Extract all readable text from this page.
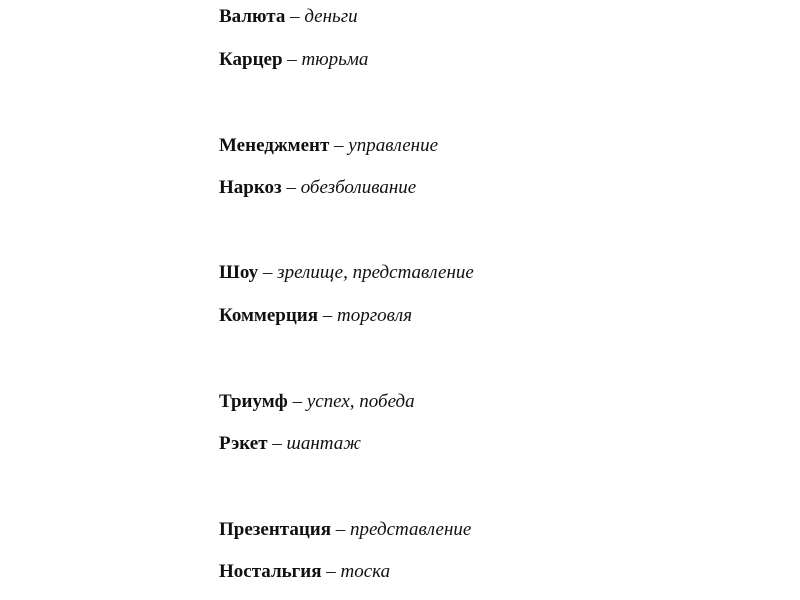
Валюта – деньги
Карцер – тюрьма
Менеджмент – управление
Наркоз – обезболивание
Шоу – зрелище, представление
Коммерция – торговля
Триумф – успех, победа
Рэкет – шантаж
Презентация – представление
Ностальгия – тоска
